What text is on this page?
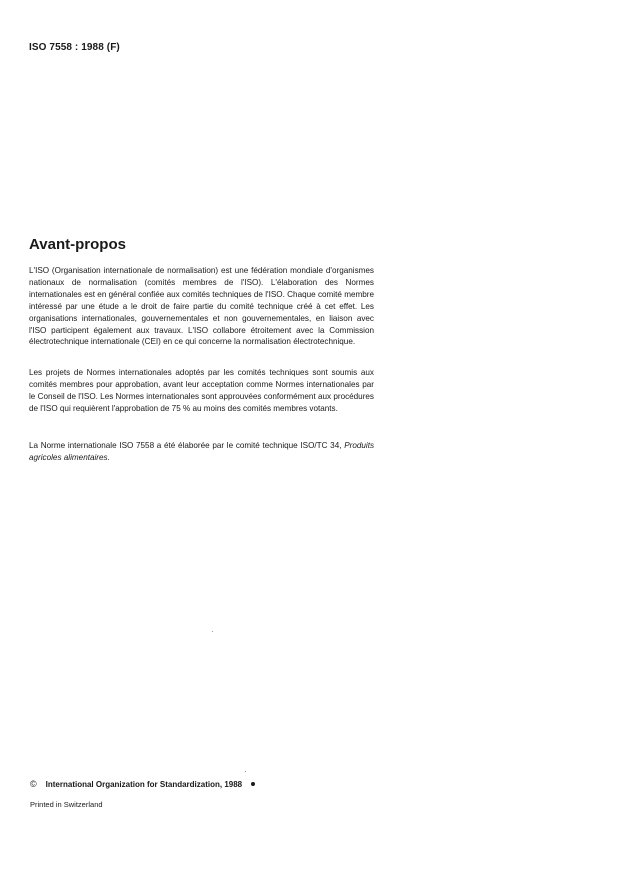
ISO 7558 : 1988 (F)
Avant-propos

L'ISO (Organisation internationale de normalisation) est une fédération mondiale d'organismes nationaux de normalisation (comités membres de l'ISO). L'élaboration des Normes internationales est en général confiée aux comités techniques de l'ISO. Chaque comité membre intéressé par une étude a le droit de faire partie du comité technique créé à cet effet. Les organisations internationales, gouvernementales et non gouvernementales, en liaison avec l'ISO participent également aux travaux. L'ISO collabore étroitement avec la Commission électrotechnique internationale (CEI) en ce qui concerne la normalisation électrotechnique.

Les projets de Normes internationales adoptés par les comités techniques sont soumis aux comités membres pour approbation, avant leur acceptation comme Normes internationales par le Conseil de l'ISO. Les Normes internationales sont approuvées conformément aux procédures de l'ISO qui requièrent l'approbation de 75 % au moins des comités membres votants.

La Norme internationale ISO 7558 a été élaborée par le comité technique ISO/TC 34, Produits agricoles alimentaires.

© International Organization for Standardization, 1988
Printed in Switzerland
